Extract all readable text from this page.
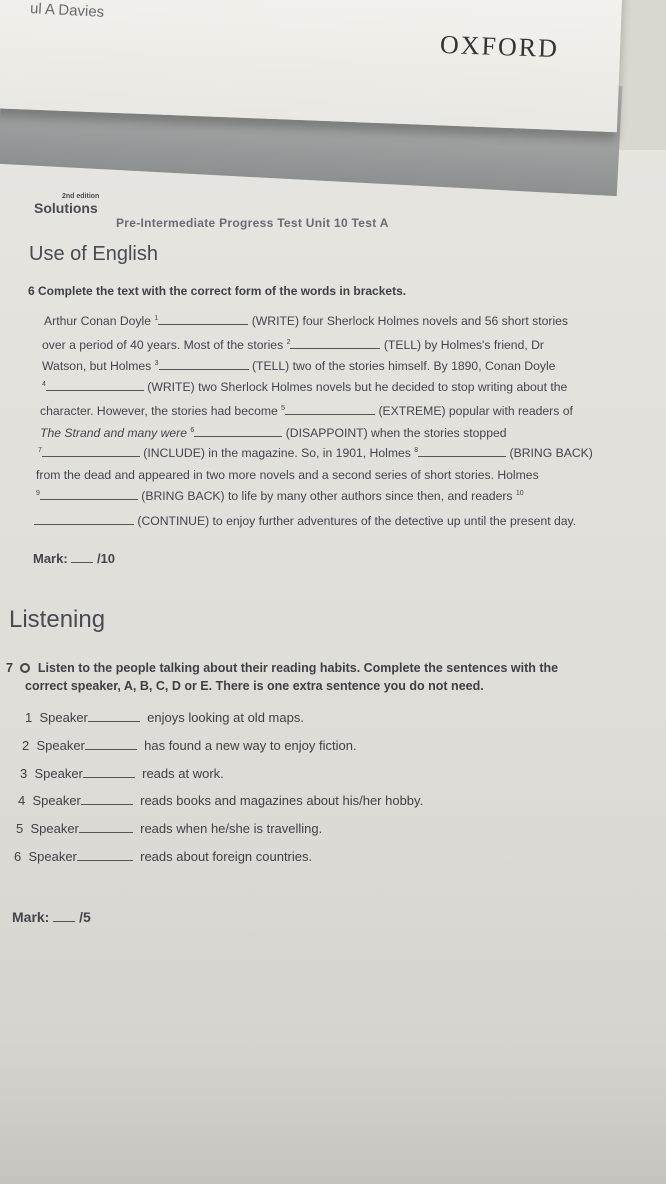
ul A Davies
OXFORD
2nd edition
Solutions
Pre-Intermediate Progress Test Unit 10 Test A
Use of English
6 Complete the text with the correct form of the words in brackets.
Arthur Conan Doyle $^1$	(WRITE) four Sherlock Holmes novels and 56 short stories
over a period of 40 years. Most of the stories $^2$	(TELL) by Holmes's friend, Dr
Watson, but Holmes $^3$	(TELL) two of the stories himself. By 1890, Conan Doyle
$^4$	(WRITE) two Sherlock Holmes novels but he decided to stop writing about the
character. However, the stories had become $^5$	(EXTREME) popular with readers of
The Strand and many were $^6$	(DISAPPOINT) when the stories stopped
$^7$	(INCLUDE) in the magazine. So, in 1901, Holmes $^8$	(BRING BACK)
from the dead and appeared in two more novels and a second series of short stories. Holmes
$^9$	(BRING BACK) to life by many other authors since then, and readers $^{10}$
(CONTINUE) to enjoy further adventures of the detective up until the present day.
Mark: /10
Listening
7 Listen to the people talking about their reading habits. Complete the sentences with the
correct speaker, A, B, C, D or E. There is one extra sentence you do not need.
1 Speaker	enjoys looking at old maps.
2 Speaker	has found a new way to enjoy fiction.
3 Speaker	reads at work.
4 Speaker	reads books and magazines about his/her hobby.
5 Speaker	reads when he/she is travelling.
6 Speaker	reads about foreign countries.
Mark: /5
